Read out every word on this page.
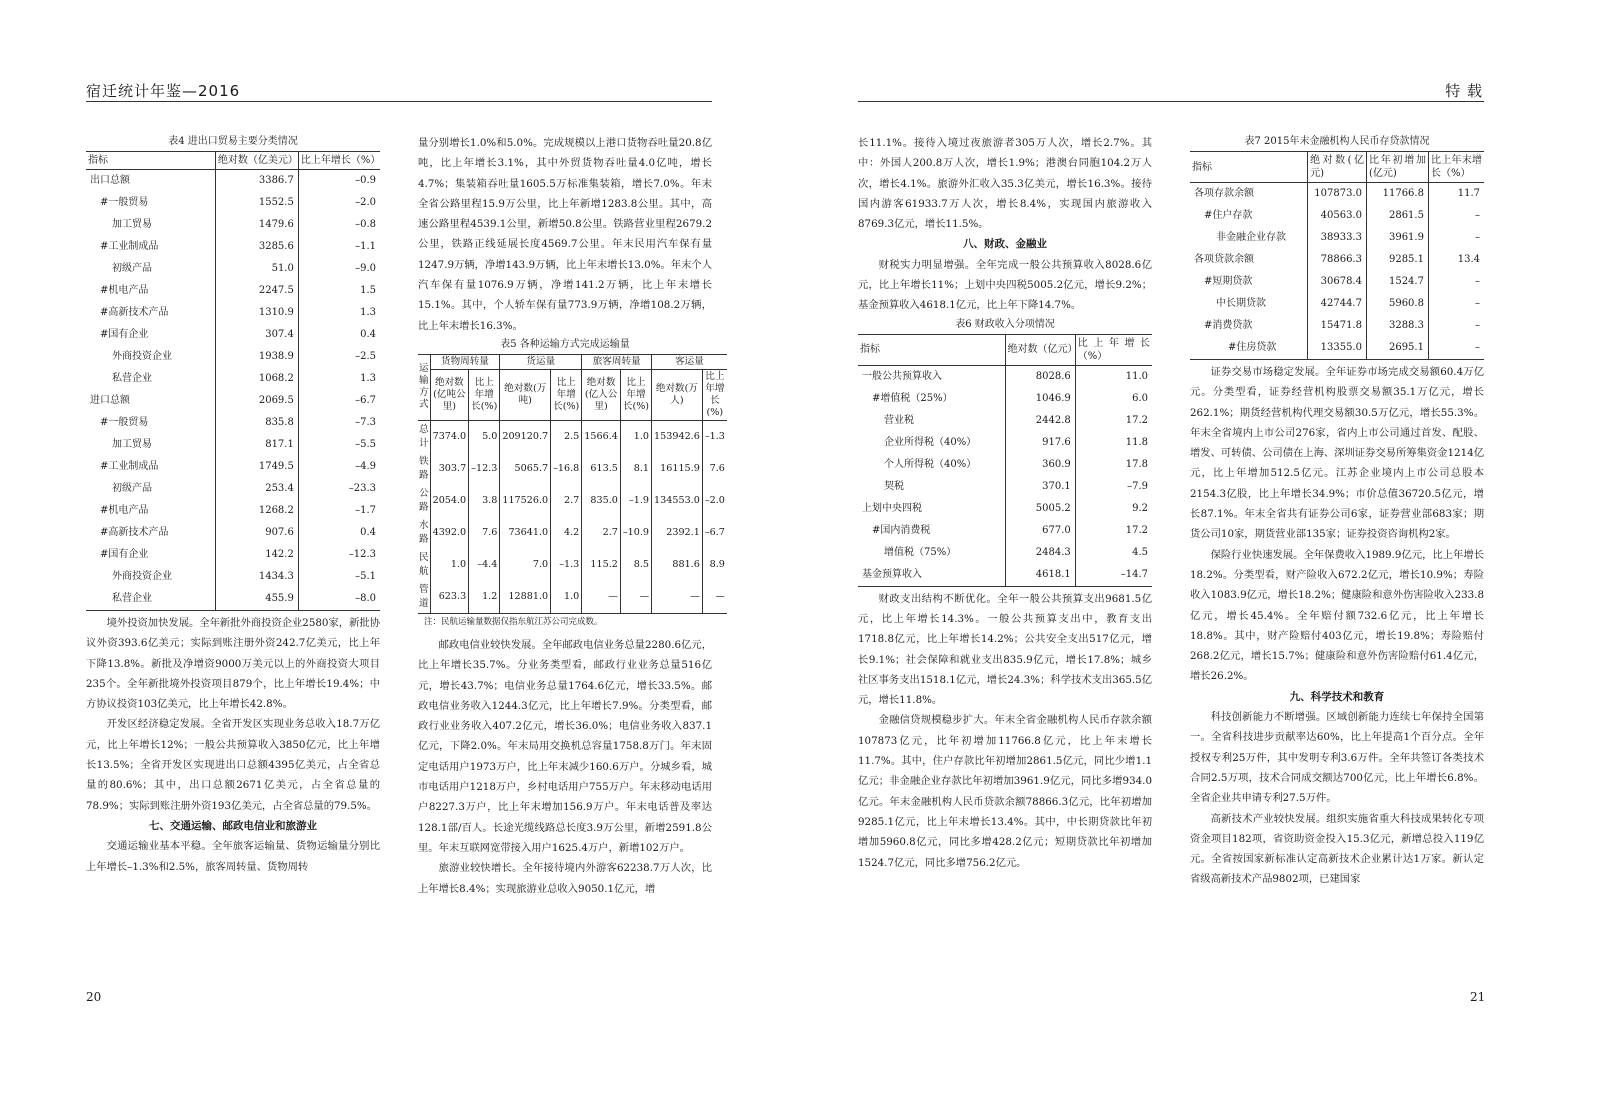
宿迁统计年鉴—2016	特 载
20	21
表4 进出口贸易主要分类情况
指标	绝对数（亿美元）	比上年增长（%）
出口总额	3386.7	–0.9
#一般贸易	1552.5	–2.0
加工贸易	1479.6	–0.8
#工业制成品	3285.6	–1.1
初级产品	51.0	–9.0
#机电产品	2247.5	1.5
#高新技术产品	1310.9	1.3
#国有企业	307.4	0.4
外商投资企业	1938.9	–2.5
私营企业	1068.2	1.3
进口总额	2069.5	–6.7
#一般贸易	835.8	–7.3
加工贸易	817.1	–5.5
#工业制成品	1749.5	–4.9
初级产品	253.4	–23.3
#机电产品	1268.2	–1.7
#高新技术产品	907.6	0.4
#国有企业	142.2	–12.3
外商投资企业	1434.3	–5.1
私营企业	455.9	–8.0

境外投资加快发展。全年新批外商投资企业2580家，新批协议外资393.6亿美元；实际到账注册外资242.7亿美元，比上年下降13.8%。新批及净增资9000万美元以上的外商投资大项目235个。全年新批境外投资项目879个，比上年增长19.4%；中方协议投资103亿美元，比上年增长42.8%。

开发区经济稳定发展。全省开发区实现业务总收入18.7万亿元，比上年增长12%；一般公共预算收入3850亿元，比上年增长13.5%；全省开发区实现进出口总额4395亿美元，占全省总量的80.6%；其中，出口总额2671亿美元，占全省总量的78.9%；实际到账注册外资193亿美元，占全省总量的79.5%。

七、交通运输、邮政电信业和旅游业

交通运输业基本平稳。全年旅客运输量、货物运输量分别比上年增长–1.3%和2.5%，旅客周转量、货物周转

量分别增长1.0%和5.0%。完成规模以上港口货物吞吐量20.8亿吨，比上年增长3.1%，其中外贸货物吞吐量4.0亿吨，增长4.7%；集装箱吞吐量1605.5万标准集装箱，增长7.0%。年末全省公路里程15.9万公里，比上年新增1283.8公里。其中，高速公路里程4539.1公里，新增50.8公里。铁路营业里程2679.2公里，铁路正线延展长度4569.7公里。年末民用汽车保有量1247.9万辆，净增143.9万辆，比上年末增长13.0%。年末个人汽车保有量1076.9万辆，净增141.2万辆，比上年末增长15.1%。其中，个人轿车保有量773.9万辆，净增108.2万辆，比上年末增长16.3%。

表5 各种运输方式完成运输量
运输方式	货物周转量		货运量		旅客周转量		客运量	
	绝对数(亿吨公里)	比上年增长(%)	绝对数(万吨)	比上年增长(%)	绝对数(亿人公里)	比上年增长(%)	绝对数(万人)	比上年增长(%)
总计	7374.0	5.0	209120.7	2.5	1566.4	1.0	153942.6	–1.3
铁路	303.7	–12.3	5065.7	–16.8	613.5	8.1	16115.9	7.6
公路	2054.0	3.8	117526.0	2.7	835.0	–1.9	134553.0	–2.0
水路	4392.0	7.6	73641.0	4.2	2.7	–10.9	2392.1	–6.7
民航	1.0	–4.4	7.0	–1.3	115.2	8.5	881.6	8.9
管道	623.3	1.2	12881.0	1.0	—	—	—	—
注：民航运输量数据仅指东航江苏公司完成数。

邮政电信业较快发展。全年邮政电信业务总量2280.6亿元，比上年增长35.7%。分业务类型看，邮政行业业务总量516亿元，增长43.7%；电信业务总量1764.6亿元，增长33.5%。邮政电信业务收入1244.3亿元，比上年增长7.9%。分类型看，邮政行业业务收入407.2亿元，增长36.0%；电信业务收入837.1亿元，下降2.0%。年末局用交换机总容量1758.8万门。年末固定电话用户1973万户，比上年末减少160.6万户。分城乡看，城市电话用户1218万户，乡村电话用户755万户。年末移动电话用户8227.3万户，比上年末增加156.9万户。年末电话普及率达128.1部/百人。长途光缆线路总长度3.9万公里，新增2591.8公里。年末互联网宽带接入用户1625.4万户，新增102万户。

旅游业较快增长。全年接待境内外游客62238.7万人次，比上年增长8.4%；实现旅游业总收入9050.1亿元，增

长11.1%。接待入境过夜旅游者305万人次，增长2.7%。其中：外国人200.8万人次，增长1.9%；港澳台同胞104.2万人次，增长4.1%。旅游外汇收入35.3亿美元，增长16.3%。接待国内游客61933.7万人次，增长8.4%，实现国内旅游收入8769.3亿元，增长11.5%。

八、财政、金融业

财税实力明显增强。全年完成一般公共预算收入8028.6亿元，比上年增长11%；上划中央四税5005.2亿元，增长9.2%；基金预算收入4618.1亿元，比上年下降14.7%。

表6 财政收入分项情况
指标	绝对数（亿元）	比上年增长（%）
一般公共预算收入	8028.6	11.0
#增值税（25%）	1046.9	6.0
营业税	2442.8	17.2
企业所得税（40%）	917.6	11.8
个人所得税（40%）	360.9	17.8
契税	370.1	–7.9
上划中央四税	5005.2	9.2
#国内消费税	677.0	17.2
增值税（75%）	2484.3	4.5
基金预算收入	4618.1	–14.7

财政支出结构不断优化。全年一般公共预算支出9681.5亿元，比上年增长14.3%。一般公共预算支出中，教育支出1718.8亿元，比上年增长14.2%；公共安全支出517亿元，增长9.1%；社会保障和就业支出835.9亿元，增长17.8%；城乡社区事务支出1518.1亿元，增长24.3%；科学技术支出365.5亿元，增长11.8%。

金融信贷规模稳步扩大。年末全省金融机构人民币存款余额107873亿元，比年初增加11766.8亿元，比上年末增长11.7%。其中，住户存款比年初增加2861.5亿元，同比少增1.1亿元；非金融企业存款比年初增加3961.9亿元，同比多增934.0亿元。年末金融机构人民币贷款余额78866.3亿元，比年初增加9285.1亿元，比上年末增长13.4%。其中，中长期贷款比年初增加5960.8亿元，同比多增428.2亿元；短期贷款比年初增加1524.7亿元，同比多增756.2亿元。

表7 2015年末金融机构人民币存贷款情况
指标	绝对数(亿元)	比年初增加(亿元)	比上年末增长（%）
各项存款余额	107873.0	11766.8	11.7
#住户存款	40563.0	2861.5	–
非金融企业存款	38933.3	3961.9	–
各项贷款余额	78866.3	9285.1	13.4
#短期贷款	30678.4	1524.7	–
中长期贷款	42744.7	5960.8	–
#消费贷款	15471.8	3288.3	–
#住房贷款	13355.0	2695.1	–

证券交易市场稳定发展。全年证券市场完成交易额60.4万亿元。分类型看，证券经营机构股票交易额35.1万亿元，增长262.1%；期货经营机构代理交易额30.5万亿元，增长55.3%。年末全省境内上市公司276家，省内上市公司通过首发、配股、增发、可转债、公司债在上海、深圳证券交易所筹集资金1214亿元，比上年增加512.5亿元。江苏企业境内上市公司总股本2154.3亿股，比上年增长34.9%；市价总值36720.5亿元，增长87.1%。年末全省共有证券公司6家，证券营业部683家；期货公司10家，期货营业部135家；证券投资咨询机构2家。

保险行业快速发展。全年保费收入1989.9亿元，比上年增长18.2%。分类型看，财产险收入672.2亿元，增长10.9%；寿险收入1083.9亿元，增长18.2%；健康险和意外伤害险收入233.8亿元，增长45.4%。全年赔付额732.6亿元，比上年增长18.8%。其中，财产险赔付403亿元，增长19.8%；寿险赔付268.2亿元，增长15.7%；健康险和意外伤害险赔付61.4亿元，增长26.2%。

九、科学技术和教育

科技创新能力不断增强。区域创新能力连续七年保持全国第一。全省科技进步贡献率达60%，比上年提高1个百分点。全年授权专利25万件，其中发明专利3.6万件。全年共签订各类技术合同2.5万项，技术合同成交额达700亿元，比上年增长6.8%。全省企业共申请专利27.5万件。

高新技术产业较快发展。组织实施省重大科技成果转化专项资金项目182项，省资助资金投入15.3亿元，新增总投入119亿元。全省按国家新标准认定高新技术企业累计达1万家。新认定省级高新技术产品9802项，已建国家
